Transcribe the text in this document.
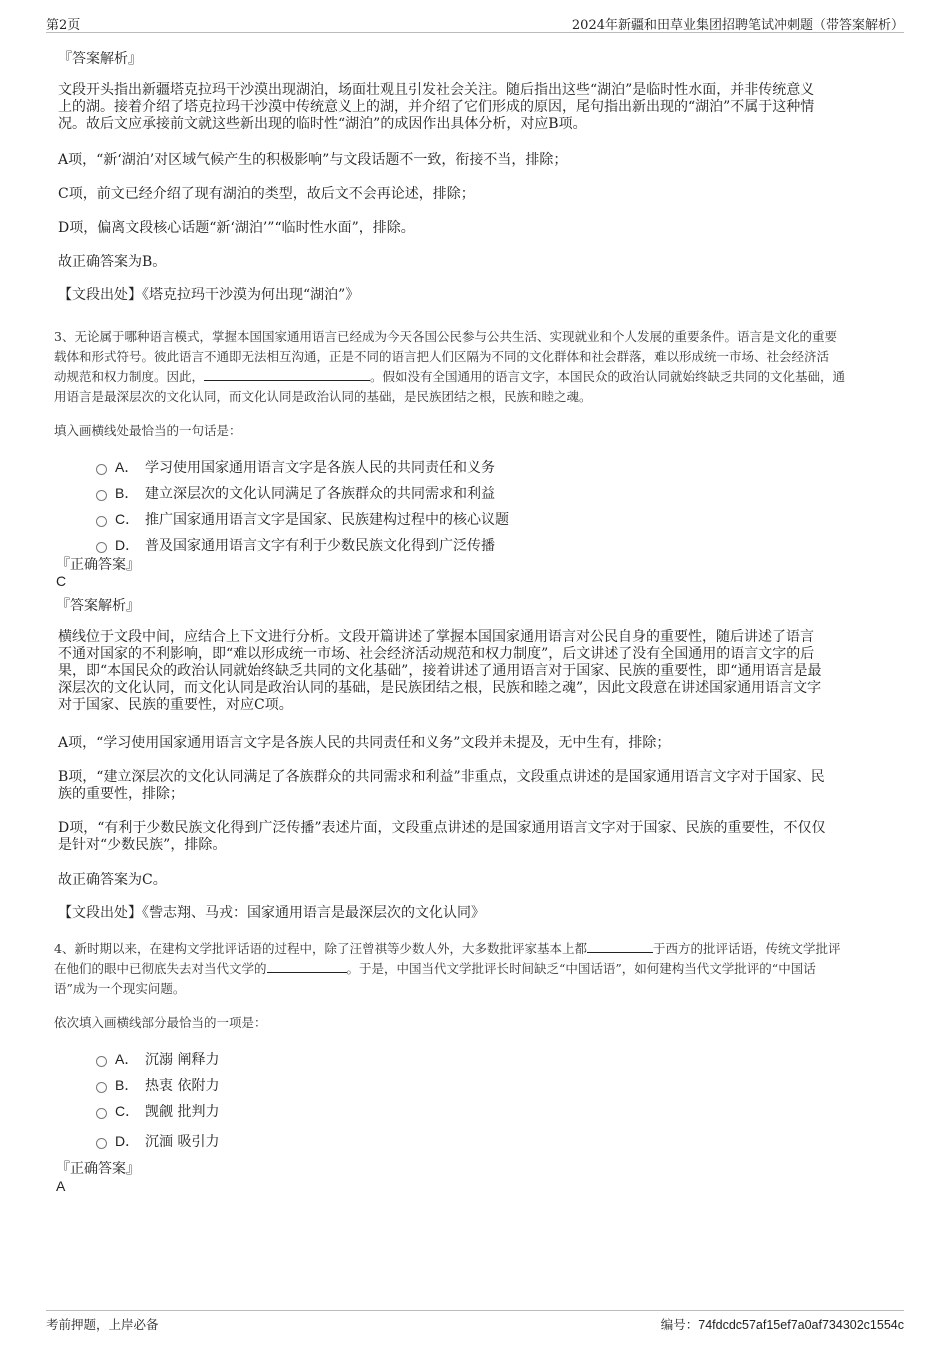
第2页	2024年新疆和田草业集团招聘笔试冲刺题（带答案解析）
『答案解析』
文段开头指出新疆塔克拉玛干沙漠出现湖泊，场面壮观且引发社会关注。随后指出这些“湖泊”是临时性水面，并非传统意义
上的湖。接着介绍了塔克拉玛干沙漠中传统意义上的湖，并介绍了它们形成的原因，尾句指出新出现的“湖泊”不属于这种情
况。故后文应承接前文就这些新出现的临时性“湖泊”的成因作出具体分析，对应B项。
A项，“新‘湖泊’对区域气候产生的积极影响”与文段话题不一致，衔接不当，排除；
C项，前文已经介绍了现有湖泊的类型，故后文不会再论述，排除；
D项，偏离文段核心话题“新‘湖泊’”“临时性水面”，排除。
故正确答案为B。
【文段出处】《塔克拉玛干沙漠为何出现“湖泊”》
3、无论属于哪种语言模式，掌握本国国家通用语言已经成为今天各国公民参与公共生活、实现就业和个人发展的重要条件。语言是文化的重要
载体和形式符号。彼此语言不通即无法相互沟通，正是不同的语言把人们区隔为不同的文化群体和社会群落，难以形成统一市场、社会经济活
动规范和权力制度。因此，	。假如没有全国通用的语言文字，本国民众的政治认同就始终缺乏共同的文化基础，通
用语言是最深层次的文化认同，而文化认同是政治认同的基础，是民族团结之根，民族和睦之魂。
填入画横线处最恰当的一句话是：
A． 学习使用国家通用语言文字是各族人民的共同责任和义务
B． 建立深层次的文化认同满足了各族群众的共同需求和利益
C． 推广国家通用语言文字是国家、民族建构过程中的核心议题
D． 普及国家通用语言文字有利于少数民族文化得到广泛传播
『正确答案』
C
『答案解析』
横线位于文段中间，应结合上下文进行分析。文段开篇讲述了掌握本国国家通用语言对公民自身的重要性，随后讲述了语言
不通对国家的不利影响，即“难以形成统一市场、社会经济活动规范和权力制度”，后文讲述了没有全国通用的语言文字的后
果，即“本国民众的政治认同就始终缺乏共同的文化基础”，接着讲述了通用语言对于国家、民族的重要性，即“通用语言是最
深层次的文化认同，而文化认同是政治认同的基础，是民族团结之根，民族和睦之魂”，因此文段意在讲述国家通用语言文字
对于国家、民族的重要性，对应C项。
A项，“学习使用国家通用语言文字是各族人民的共同责任和义务”文段并未提及，无中生有，排除；
B项，“建立深层次的文化认同满足了各族群众的共同需求和利益”非重点，文段重点讲述的是国家通用语言文字对于国家、民
族的重要性，排除；
D项，“有利于少数民族文化得到广泛传播”表述片面，文段重点讲述的是国家通用语言文字对于国家、民族的重要性，不仅仅
是针对“少数民族”，排除。
故正确答案为C。
【文段出处】《訾志翔、马戎：国家通用语言是最深层次的文化认同》
4、新时期以来，在建构文学批评话语的过程中，除了汪曾祺等少数人外，大多数批评家基本上都	于西方的批评话语，传统文学批评
在他们的眼中已彻底失去对当代文学的	。于是，中国当代文学批评长时间缺乏“中国话语”，如何建构当代文学批评的“中国话
语”成为一个现实问题。
依次填入画横线部分最恰当的一项是：
A． 沉溺 阐释力
B． 热衷 依附力
C． 觊觎 批判力
D． 沉湎 吸引力
『正确答案』
A
考前押题，上岸必备	编号：74fdcdc57af15ef7a0af734302c1554c
